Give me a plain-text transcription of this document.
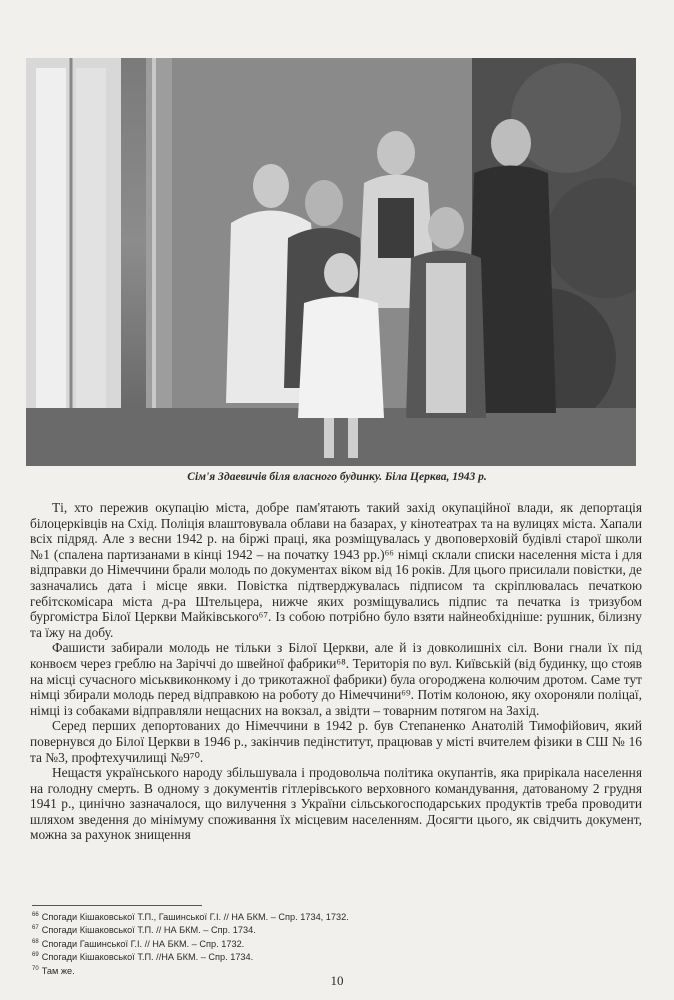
Сім'я Здаевичів біля власного будинку. Біла Церква, 1943 р.

Ті, хто пережив окупацію міста, добре пам'ятають такий захід окупаційної влади, як депортація білоцерківців на Схід. Поліція влаштовувала облави на базарах, у кінотеатрах та на вулицях міста. Хапали всіх підряд. Але з весни 1942 р. на біржі праці, яка розміщувалась у двоповерховій будівлі старої школи №1 (спалена партизанами в кінці 1942 – на початку 1943 рр.)⁶⁶ німці склали списки населення міста і для відправки до Німеччини брали молодь по документах віком від 16 років. Для цього присилали повістки, де зазначались дата і місце явки. Повістка підтверджувалась підписом та скріплювалась печаткою гебітскомісара міста д-ра Штельцера, нижче яких розміщувались підпис та печатка із тризубом бургомістра Білої Церкви Майківського⁶⁷. Із собою потрібно було взяти найнеобхідніше: рушник, білизну та їжу на добу.

Фашисти забирали молодь не тільки з Білої Церкви, але й із довколишніх сіл. Вони гнали їх під конвоєм через греблю на Заріччі до швейної фабрики⁶⁸. Територія по вул. Київській (від будинку, що стояв на місці сучасного міськвиконкому і до трикотажної фабрики) була огороджена колючим дротом. Саме тут німці збирали молодь перед відправкою на роботу до Німеччини⁶⁹. Потім колоною, яку охороняли поліцаї, німці із собаками відправляли нещасних на вокзал, а звідти – товарним потягом на Захід.

Серед перших депортованих до Німеччини в 1942 р. був Степаненко Анатолій Тимофійович, який повернувся до Білої Церкви в 1946 р., закінчив педінститут, працював у місті вчителем фізики в СШ № 16 та №3, профтехучилищі №9⁷⁰.

Нещастя українського народу збільшувала і продовольча політика окупантів, яка прирікала населення на голодну смерть. В одному з документів гітлерівського верховного командування, датованому 2 грудня 1941 р., цинічно зазначалося, що вилучення з України сільськогосподарських продуктів треба проводити шляхом зведення до мінімуму споживання їх місцевим населенням. Досягти цього, як свідчить документ, можна за рахунок знищення

$^{66}$ Спогади Кішаковської Т.П., Гашинської Г.І. // НА БКМ. – Спр. 1734, 1732.
$^{67}$ Спогади Кішаковської Т.П. // НА БКМ. – Спр. 1734.
$^{68}$ Спогади Гашинської Г.І. // НА БКМ. – Спр. 1732.
$^{69}$ Спогади Кішаковської Т.П. //НА БКМ. – Спр. 1734.
$^{70}$ Там же.
10
